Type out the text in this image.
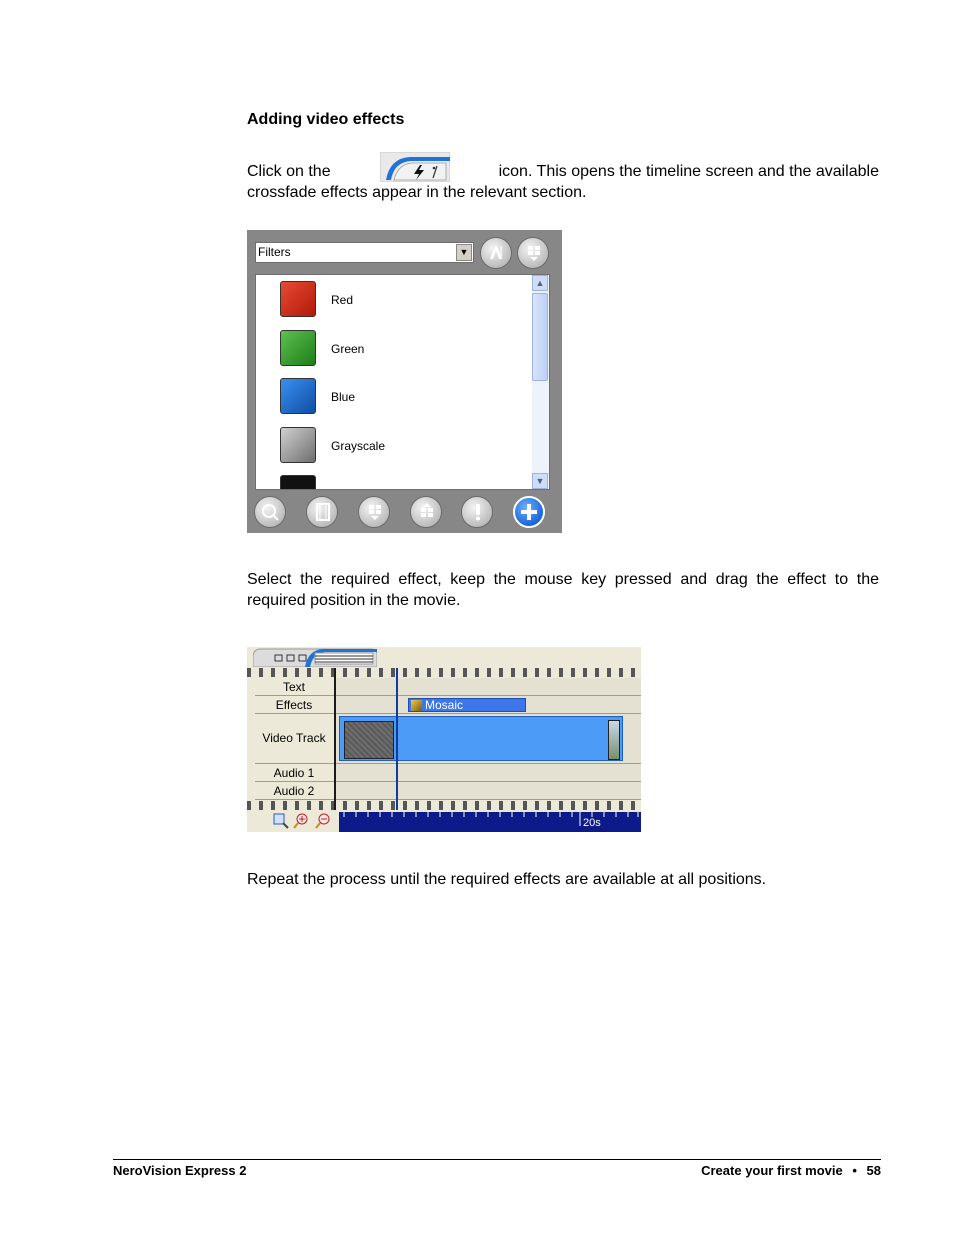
Adding video effects
Click on the	icon. This opens the timeline screen and the available
crossfade effects appear in the relevant section.
Filters	▼
Red
Green
Blue
Grayscale
▲
▼
Select the required effect, keep the mouse key pressed and drag the effect to the required position in the movie.
Text
Effects	Mosaic
Video Track
Audio 1
Audio 2
20s
Repeat the process until the required effects are available at all positions.
NeroVision Express 2	Create your first movie • 58
